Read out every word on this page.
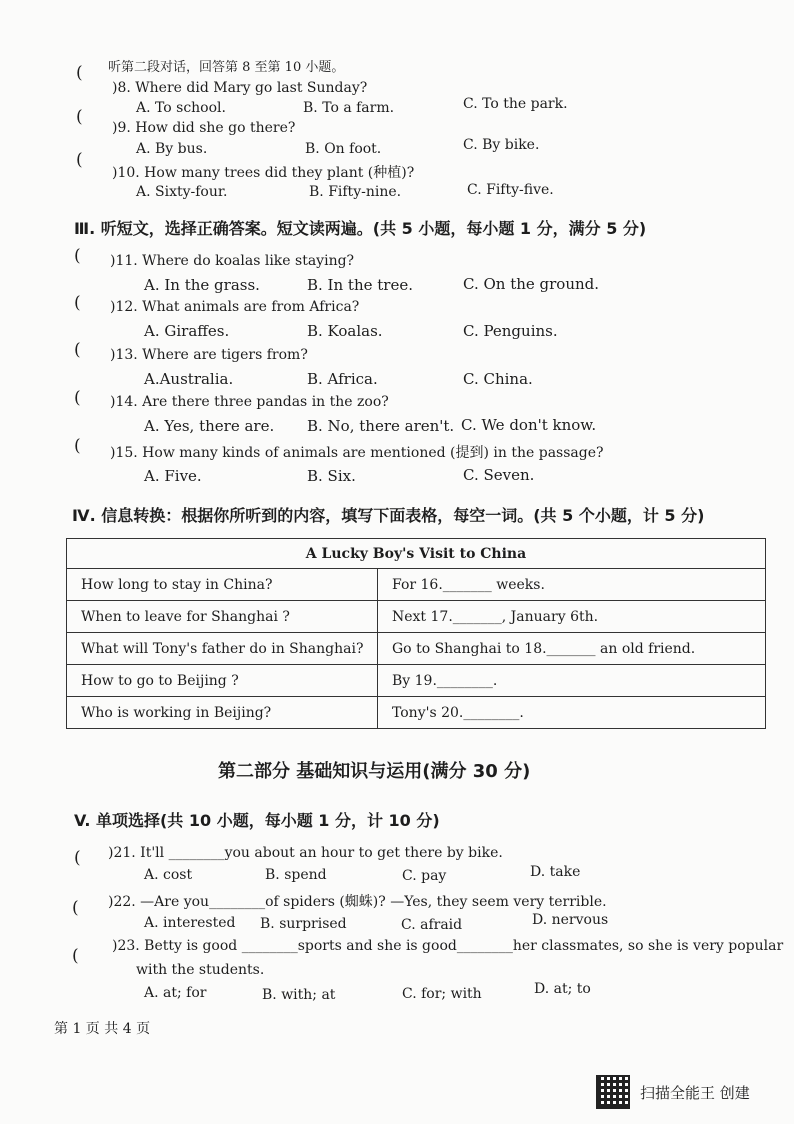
听第二段对话，回答第 8 至第 10 小题。
(
)8. Where did Mary go last Sunday?
A. To school.	B. To a farm.	C. To the park.
(
)9. How did she go there?
A. By bus.	B. On foot.	C. By bike.
(
)10. How many trees did they plant (种植)?
A. Sixty-four.	B. Fifty-nine.	C. Fifty-five.
Ⅲ. 听短文，选择正确答案。短文读两遍。(共 5 小题，每小题 1 分，满分 5 分)
( )11. Where do koalas like staying?
A. In the grass.	B. In the tree.	C. On the ground.
( )12. What animals are from Africa?
A. Giraffes.	B. Koalas.	C. Penguins.
( )13. Where are tigers from?
A.Australia.	B. Africa.	C. China.
( )14. Are there three pandas in the zoo?
A. Yes, there are. B. No, there aren't. C. We don't know.
( )15. How many kinds of animals are mentioned (提到) in the passage?
A. Five.	B. Six.	C. Seven.
Ⅳ. 信息转换：根据你所听到的内容，填写下面表格，每空一词。(共 5 个小题，计 5 分)
A Lucky Boy's Visit to China	
How long to stay in China?	For 16._______ weeks.
When to leave for Shanghai ?	Next 17._______, January 6th.
What will Tony's father do in Shanghai?	Go to Shanghai to 18._______ an old friend.
How to go to Beijing ?	By 19.________.
Who is working in Beijing?	Tony's 20.________.
第二部分 基础知识与运用(满分 30 分)
V. 单项选择(共 10 小题，每小题 1 分，计 10 分)
( )21. It'll ________you about an hour to get there by bike.
A. cost	B. spend	C. pay	D. take
( )22. —Are you________of spiders (蜘蛛)? —Yes, they seem very terrible.
A. interested B. surprised	C. afraid	D. nervous
( )23. Betty is good ________sports and she is good________her classmates, so she is very popular
with the students.
A. at; for	B. with; at	C. for; with	D. at; to
第 1 页 共 4 页
扫描全能王 创建
